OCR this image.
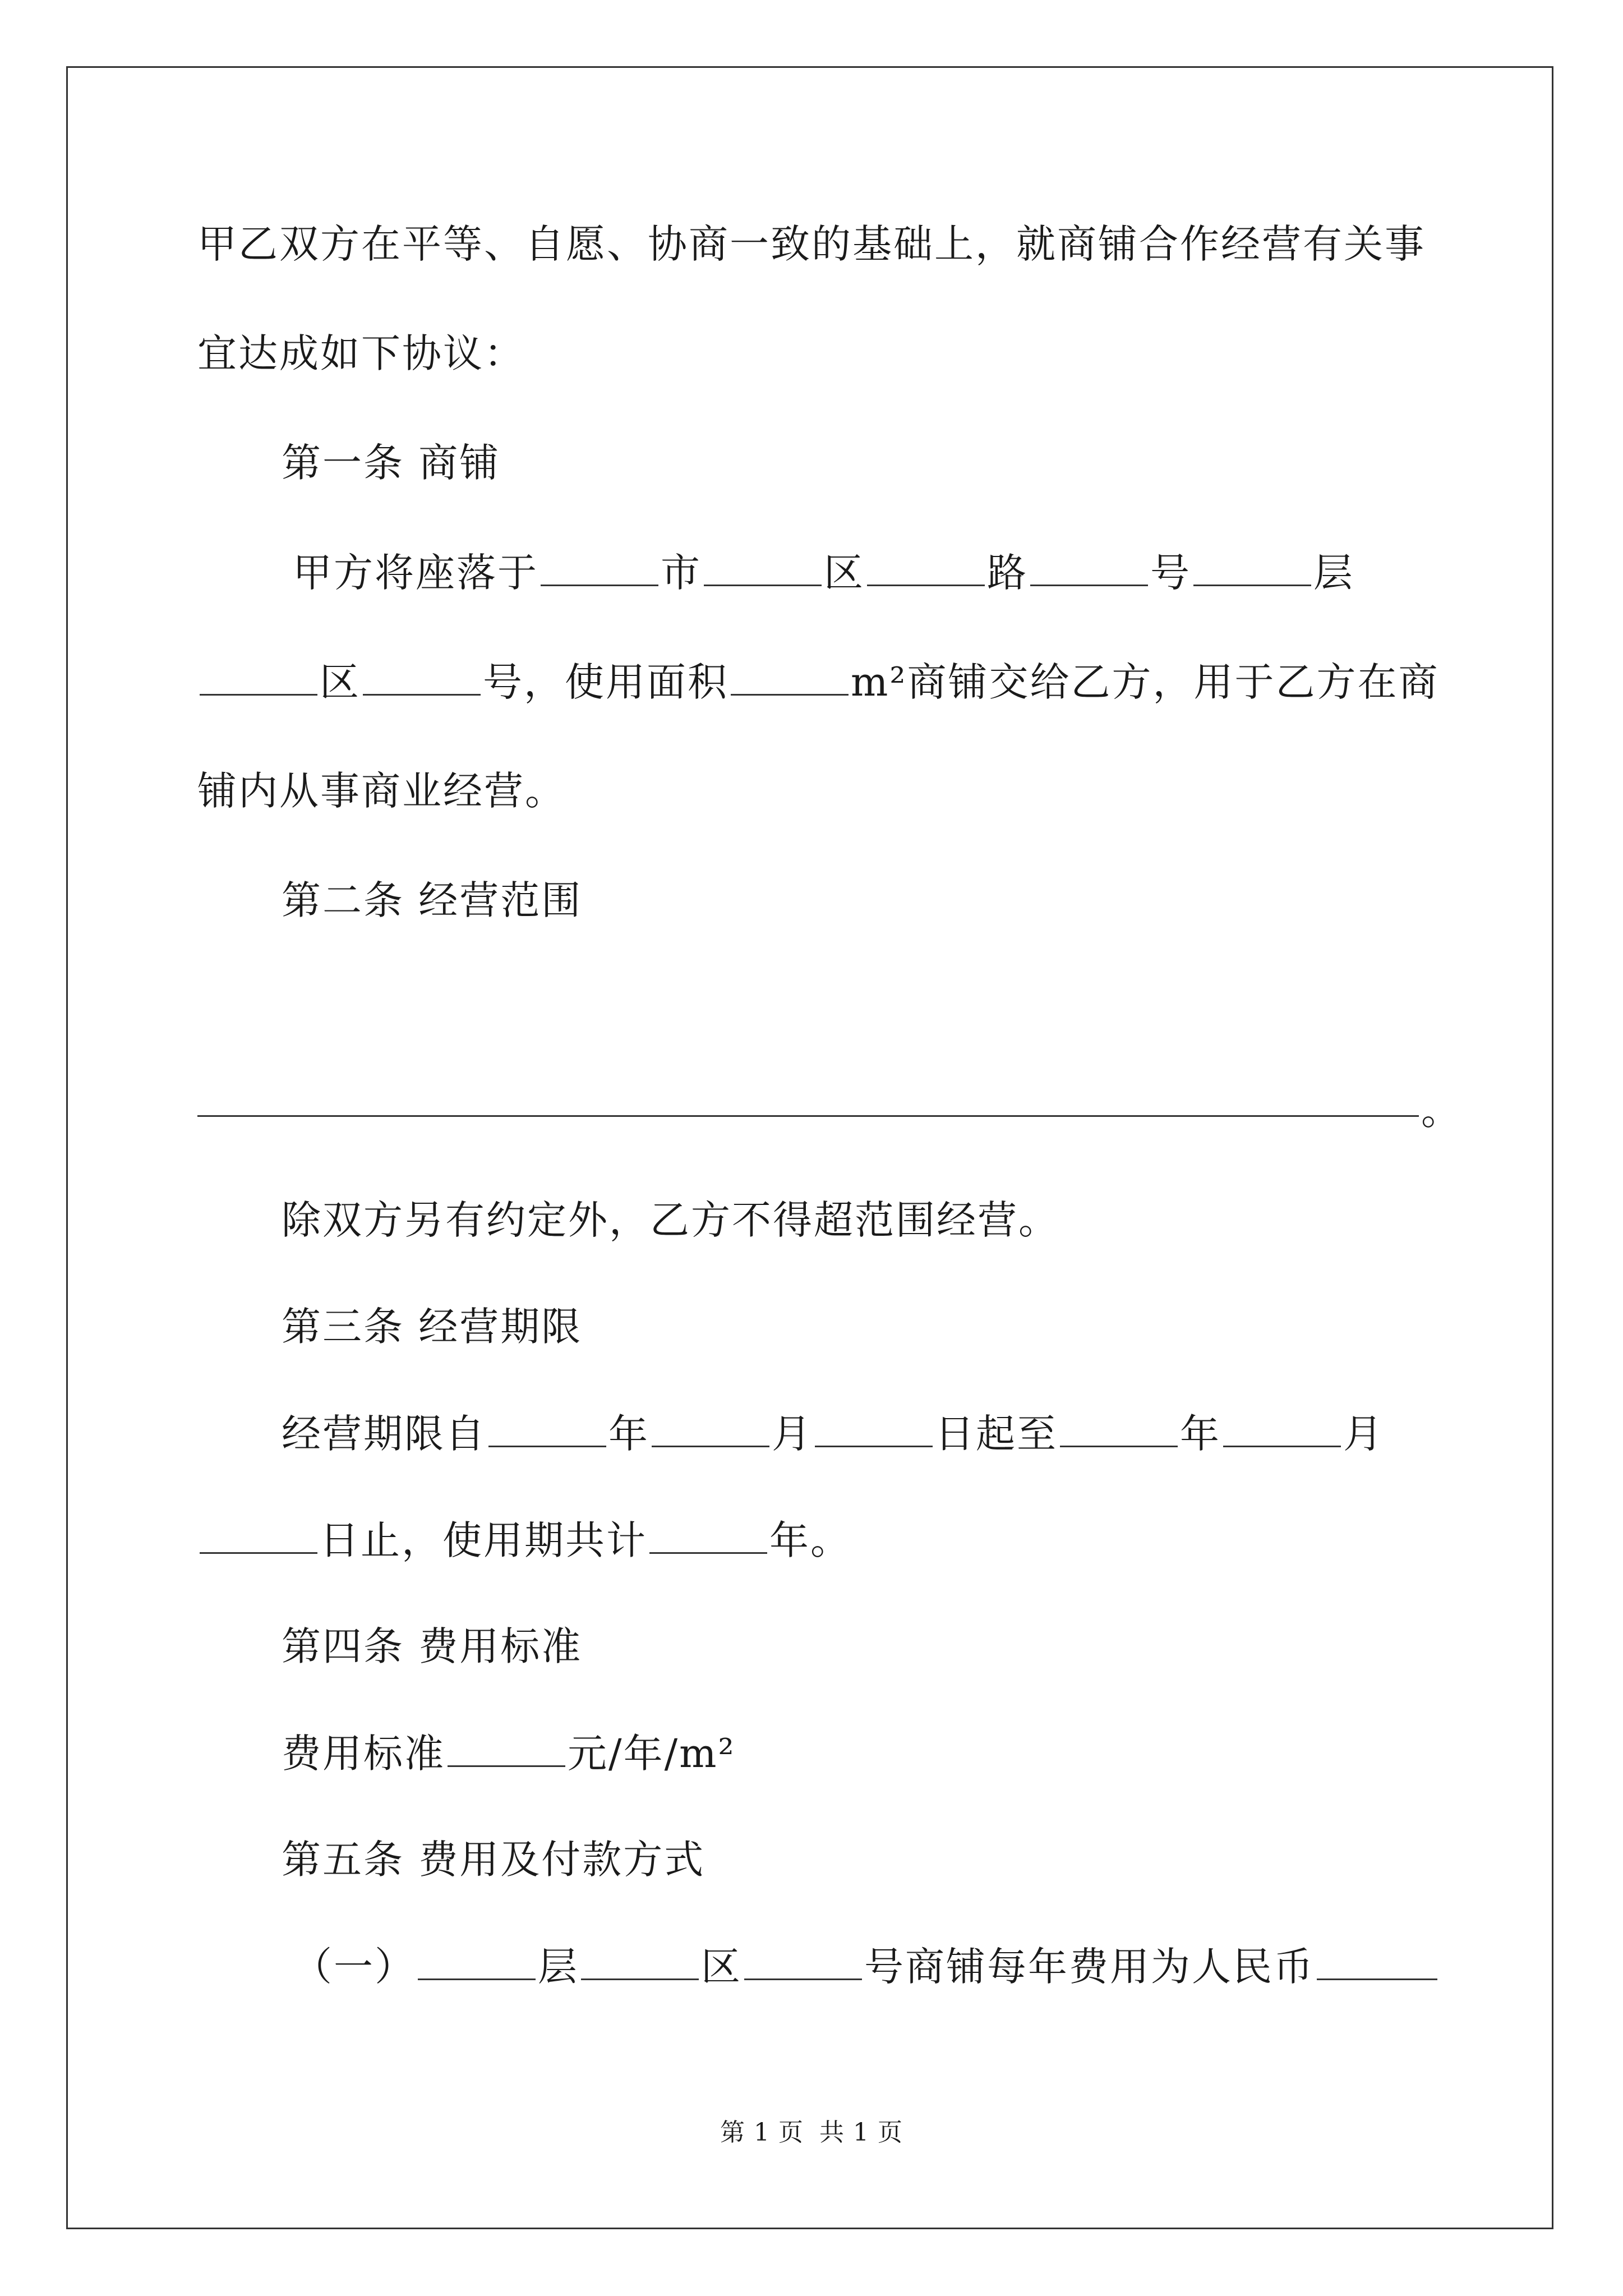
甲乙双方在平等、自愿、协商一致的基础上，就商铺合作经营有关事
宜达成如下协议：
第一条 商铺
甲方将座落于	市	区	路	号	层
区	号，使用面积	m²商铺交给乙方，用于乙方在商
铺内从事商业经营。
第二条 经营范围
。
除双方另有约定外，乙方不得超范围经营。
第三条 经营期限
经营期限自	年	月	日起至	年	月
日止，使用期共计	年。
第四条 费用标准
费用标准	元/年/m²
第五条 费用及付款方式
（一）	层	区	号商铺每年费用为人民币
第 1 页 共 1 页
